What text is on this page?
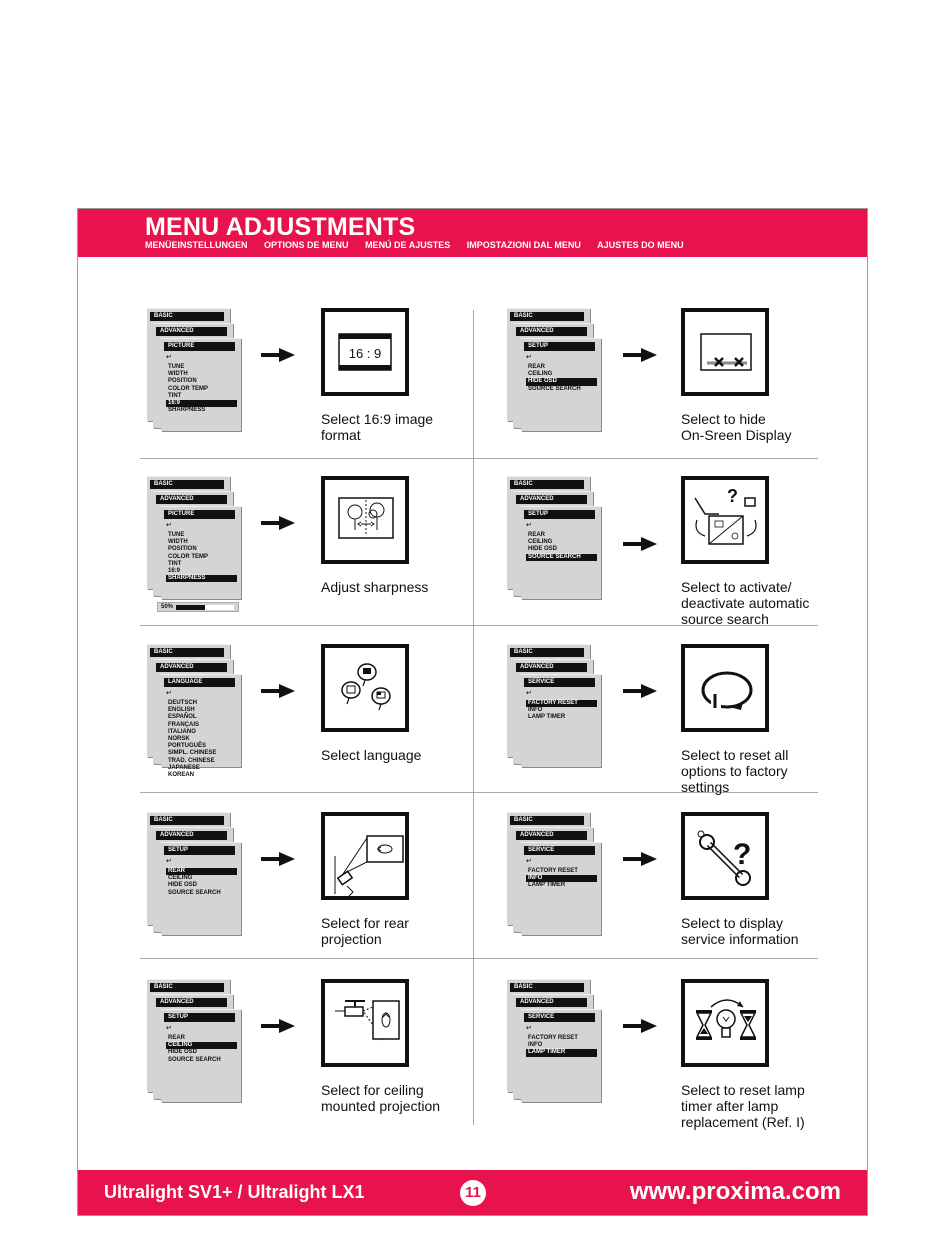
MENU ADJUSTMENTS
MENÜEINSTELLUNGEN OPTIONS DE MENU MENÚ DE AJUSTES IMPOSTAZIONI DAL MENU AJUSTES DO MENU
BASIC
ADVANCED
PICTURE
↵
TUNE
WIDTH
POSITION
COLOR TEMP
TINT
16:9
SHARPNESS
16 : 9
Select 16:9 image
format
BASIC
ADVANCED
SETUP
↵
REAR
CEILING
HIDE OSD
SOURCE SEARCH
Select to hide
On-Sreen Display
BASIC
ADVANCED
PICTURE
↵
TUNE
WIDTH
POSITION
COLOR TEMP
TINT
16:9
SHARPNESS
50%
Adjust sharpness
BASIC
ADVANCED
SETUP
↵
REAR
CEILING
HIDE OSD
SOURCE SEARCH
?
Select to activate/
deactivate automatic
source search
BASIC
ADVANCED
LANGUAGE
↵
DEUTSCH
ENGLISH
ESPAÑOL
FRANÇAIS
ITALIANO
NORSK
PORTUGUÊS
SIMPL. CHINESE
TRAD. CHINESE
JAPANESE
KOREAN
Select language
BASIC
ADVANCED
SERVICE
↵
FACTORY RESET
INFO
LAMP TIMER
Select to reset all
options to factory
settings
BASIC
ADVANCED
SETUP
↵
REAR
CEILING
HIDE OSD
SOURCE SEARCH
Select for rear
projection
BASIC
ADVANCED
SERVICE
↵
FACTORY RESET
INFO
LAMP TIMER
?
Select to display
service information
BASIC
ADVANCED
SETUP
↵
REAR
CEILING
HIDE OSD
SOURCE SEARCH
Select for ceiling
mounted projection
BASIC
ADVANCED
SERVICE
↵
FACTORY RESET
INFO
LAMP TIMER
Select to reset lamp
timer after lamp
replacement (Ref. I)
Ultralight SV1+ / Ultralight LX1	11	www.proxima.com
